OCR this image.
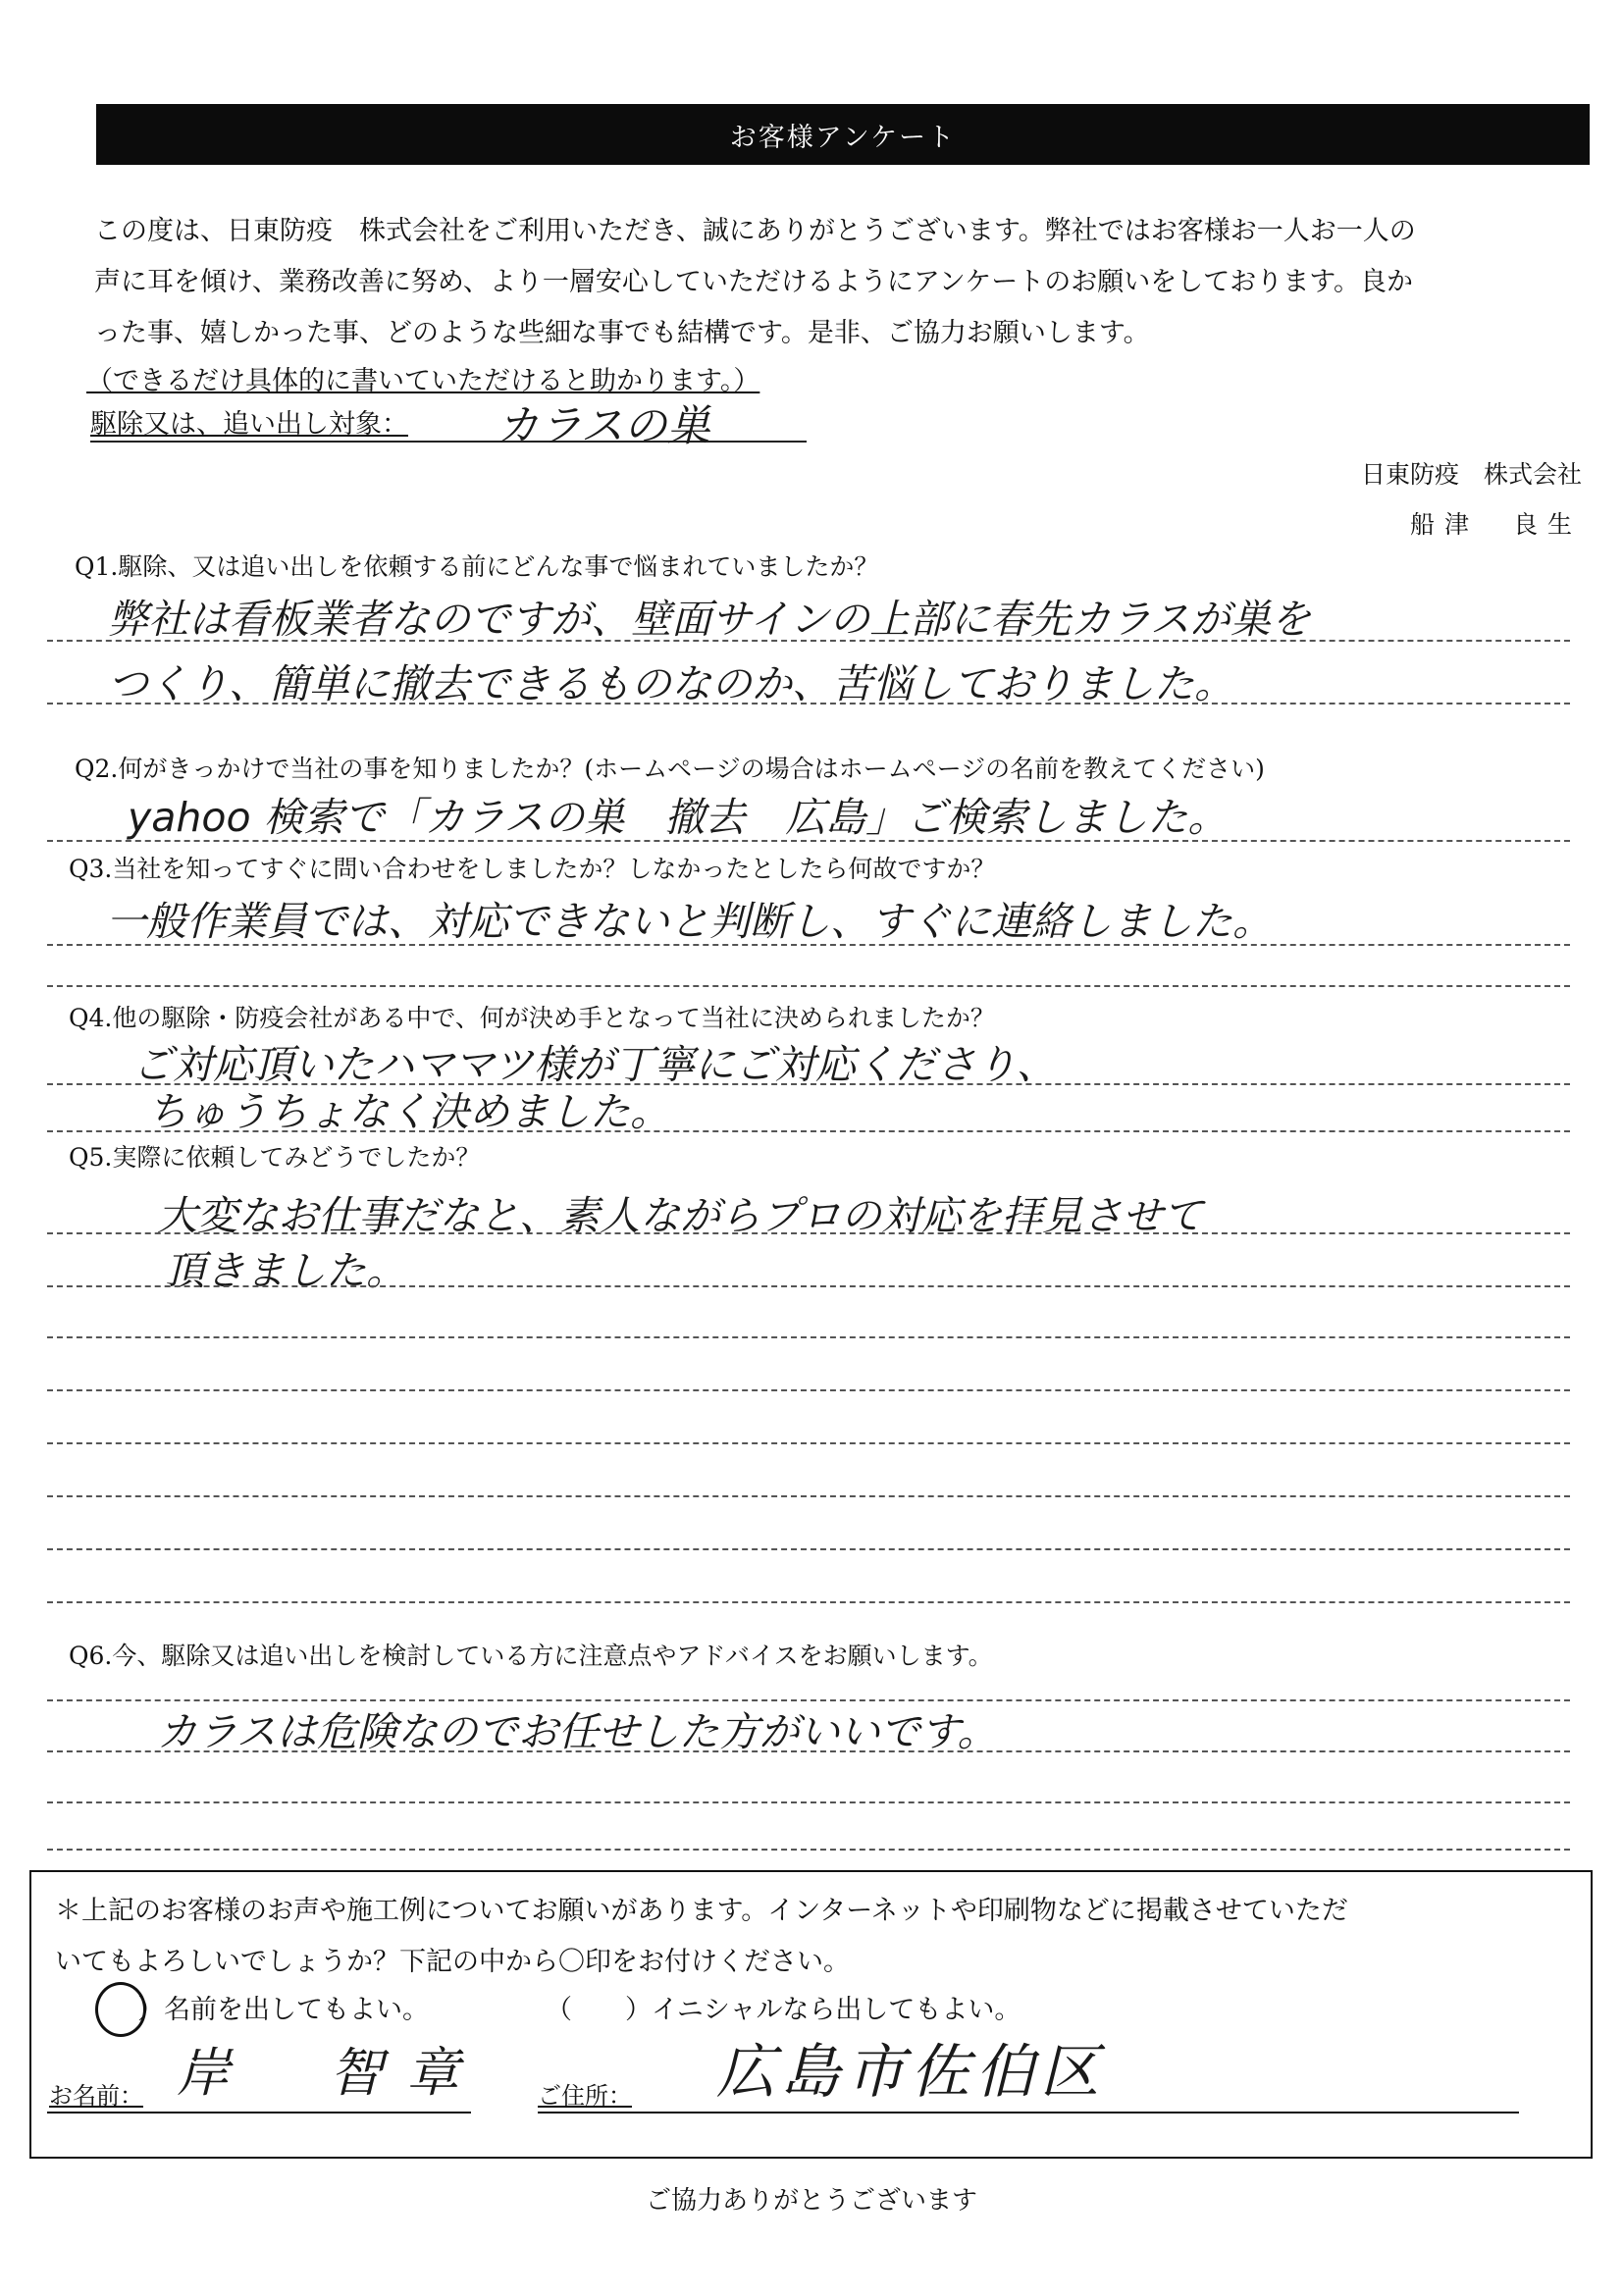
お客様アンケート
この度は、日東防疫　株式会社をご利用いただき、誠にありがとうございます。弊社ではお客様お一人お一人の
声に耳を傾け、業務改善に努め、より一層安心していただけるようにアンケートのお願いをしております。良か
った事、嬉しかった事、どのような些細な事でも結構です。是非、ご協力お願いします。
（できるだけ具体的に書いていただけると助かります。）
駆除又は、追い出し対象： カラスの巣
日東防疫　株式会社
船津　良生
Q1.駆除、又は追い出しを依頼する前にどんな事で悩まれていましたか？
弊社は看板業者なのですが、壁面サインの上部に春先カラスが巣を
つくり、簡単に撤去できるものなのか、苦悩しておりました。
Q2.何がきっかけで当社の事を知りましたか？(ホームページの場合はホームページの名前を教えてください)
yahoo 検索で「カラスの巣　撤去　広島」ご検索しました。
Q3.当社を知ってすぐに問い合わせをしましたか？しなかったとしたら何故ですか？
一般作業員では、対応できないと判断し、すぐに連絡しました。
Q4.他の駆除・防疫会社がある中で、何が決め手となって当社に決められましたか？
ご対応頂いたハママツ様が丁寧にご対応くださり、
ちゅうちょなく決めました。
Q5.実際に依頼してみどうでしたか？
大変なお仕事だなと、素人ながらプロの対応を拝見させて
頂きました。
Q6.今、駆除又は追い出しを検討している方に注意点やアドバイスをお願いします。
カラスは危険なのでお任せした方がいいです。
＊上記のお客様のお声や施工例についてお願いがあります。インターネットや印刷物などに掲載させていただ
いてもよろしいでしょうか？下記の中から〇印をお付けください。
）名前を出してもよい。	（　　）イニシャルなら出してもよい。
お名前： 岸　智章 ご住所： 広島市佐伯区
ご協力ありがとうございます
